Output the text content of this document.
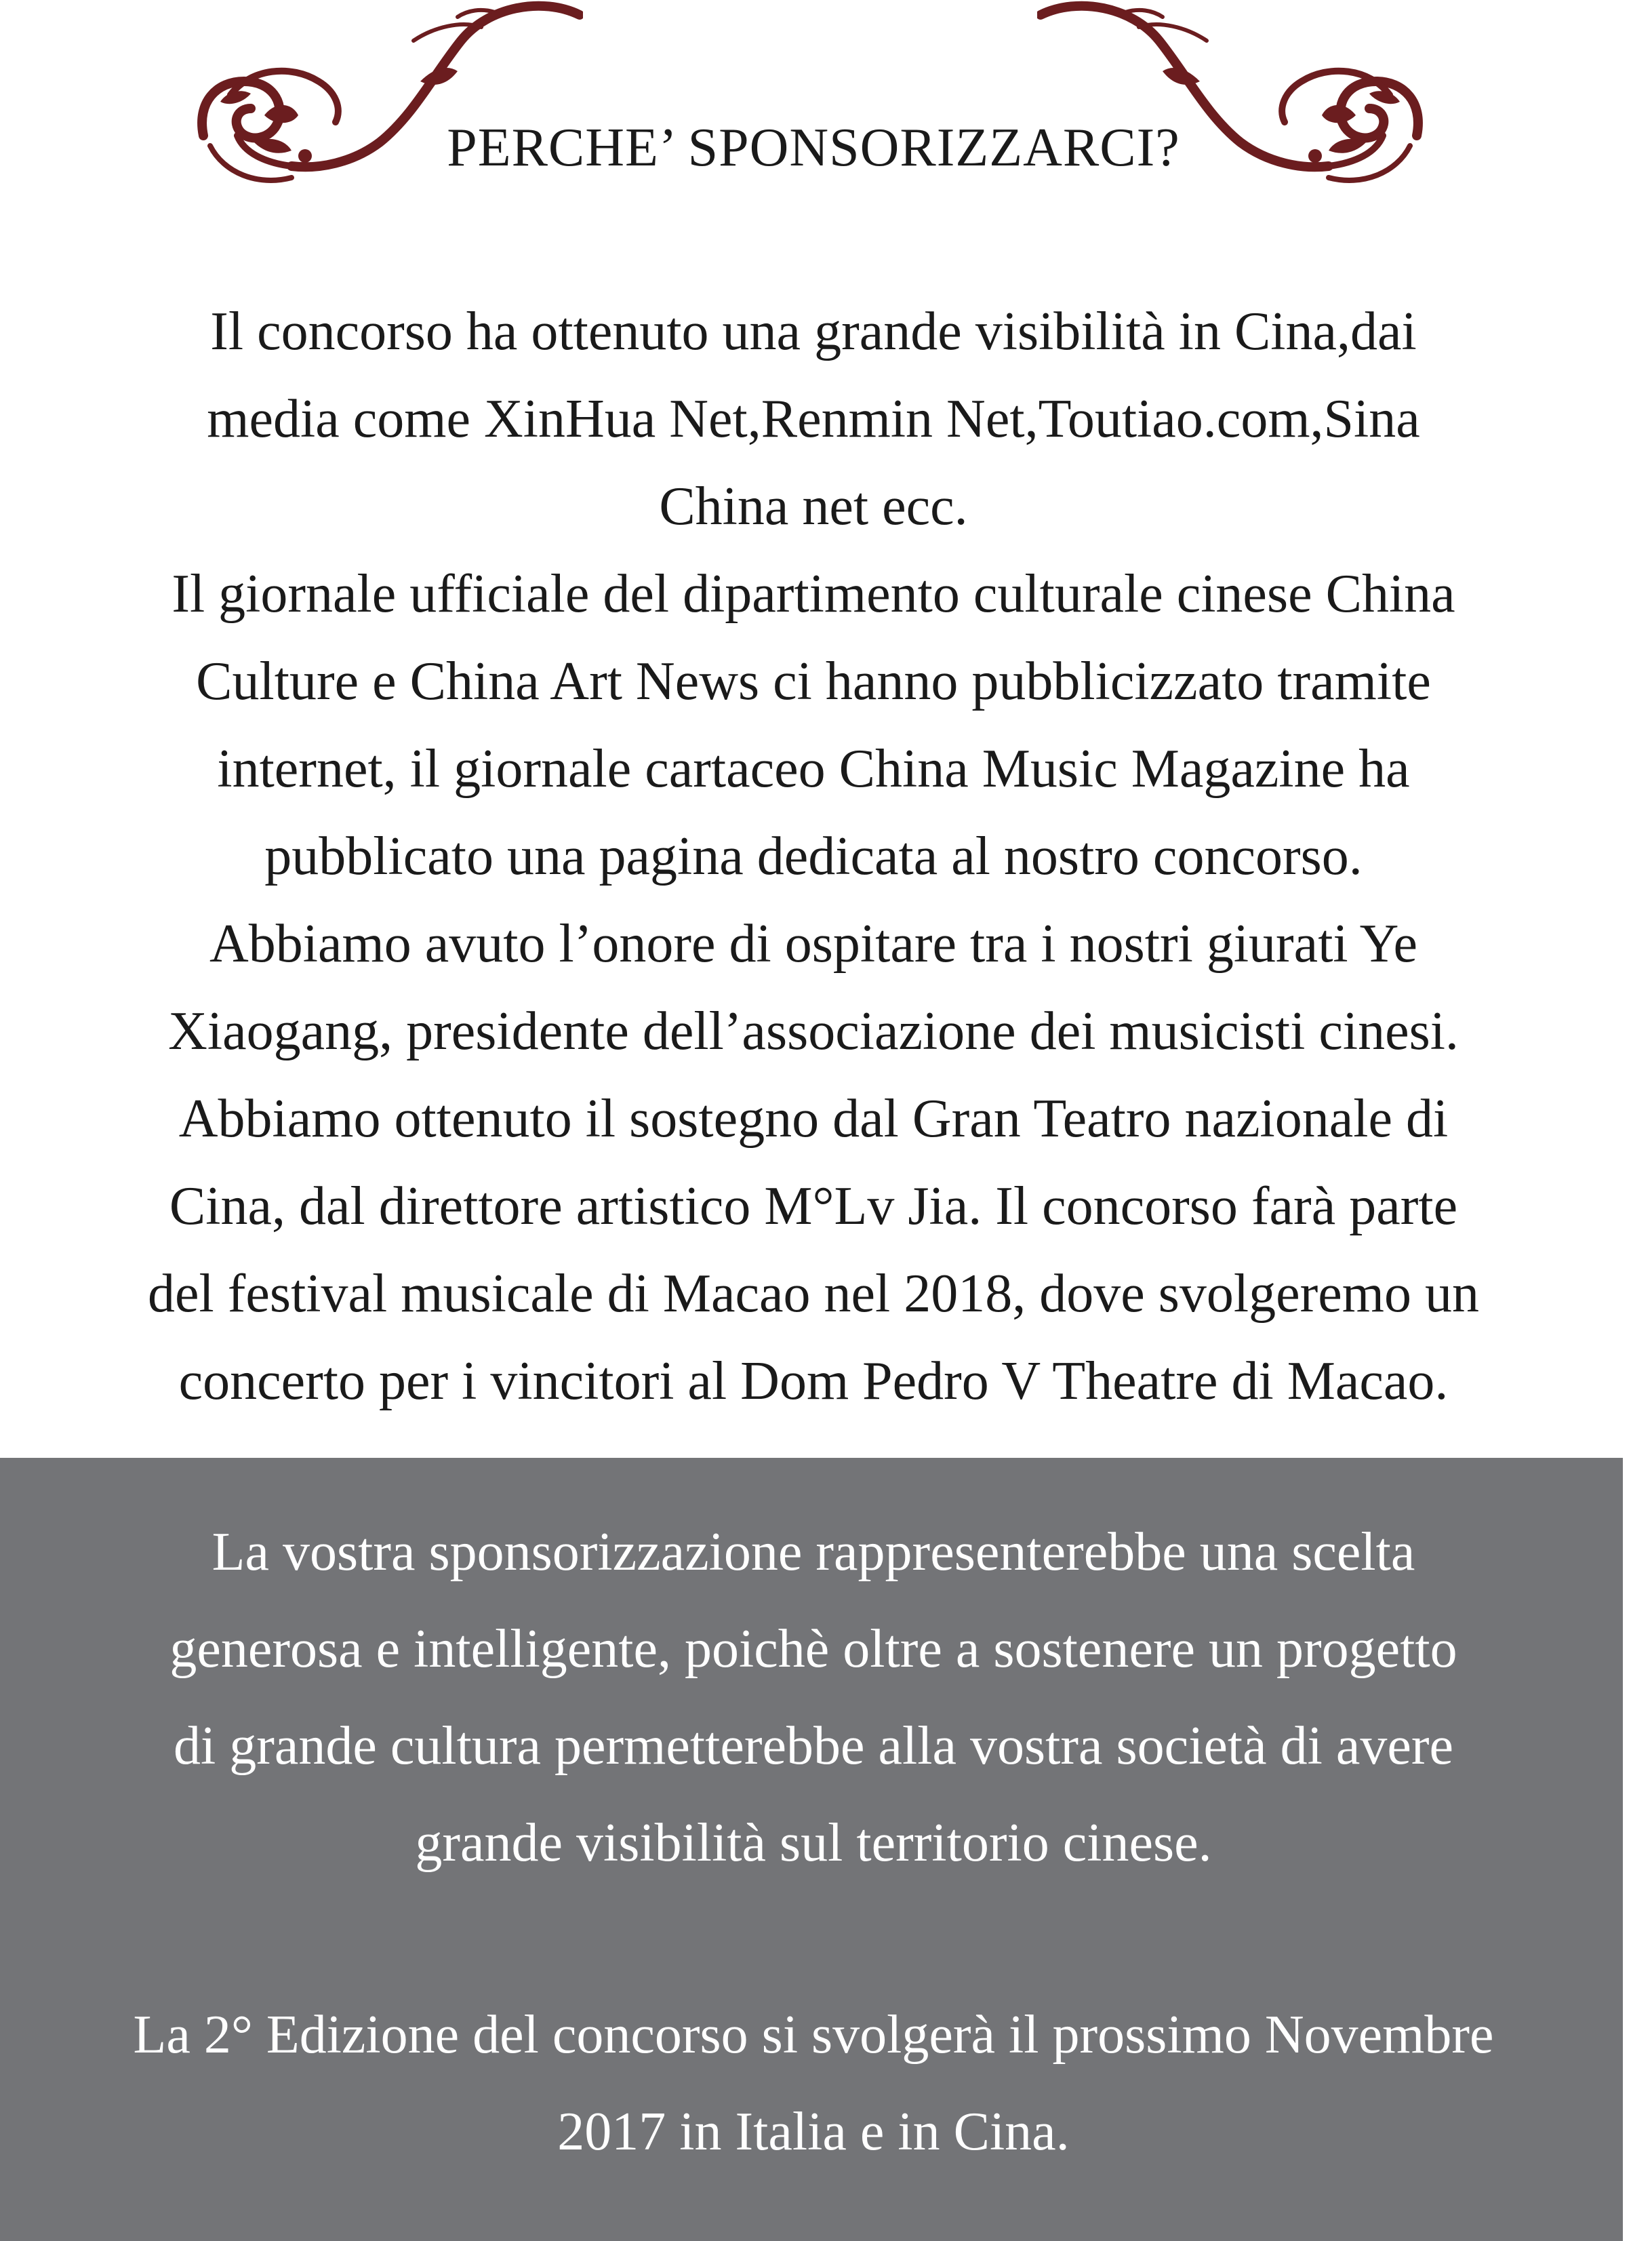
PERCHE’ SPONSORIZZARCI?

Il concorso ha ottenuto una grande visibilità in Cina,dai
media come XinHua Net,Renmin Net,Toutiao.com,Sina
China net ecc.
Il giornale ufficiale del dipartimento culturale cinese China
Culture e China Art News ci hanno pubblicizzato tramite
internet, il giornale cartaceo China Music Magazine ha
pubblicato una pagina dedicata al nostro concorso.
Abbiamo avuto l’onore di ospitare tra i nostri giurati Ye
Xiaogang, presidente dell’associazione dei musicisti cinesi.
Abbiamo ottenuto il sostegno dal Gran Teatro nazionale di
Cina, dal direttore artistico M°Lv Jia. Il concorso farà parte
del festival musicale di Macao nel 2018, dove svolgeremo un
concerto per i vincitori al Dom Pedro V Theatre di Macao.

La vostra sponsorizzazione rappresenterebbe una scelta
generosa e intelligente, poichè oltre a sostenere un progetto
di grande cultura permetterebbe alla vostra società di avere
grande visibilità sul territorio cinese.

La 2° Edizione del concorso si svolgerà il prossimo Novembre
2017 in Italia e in Cina.
